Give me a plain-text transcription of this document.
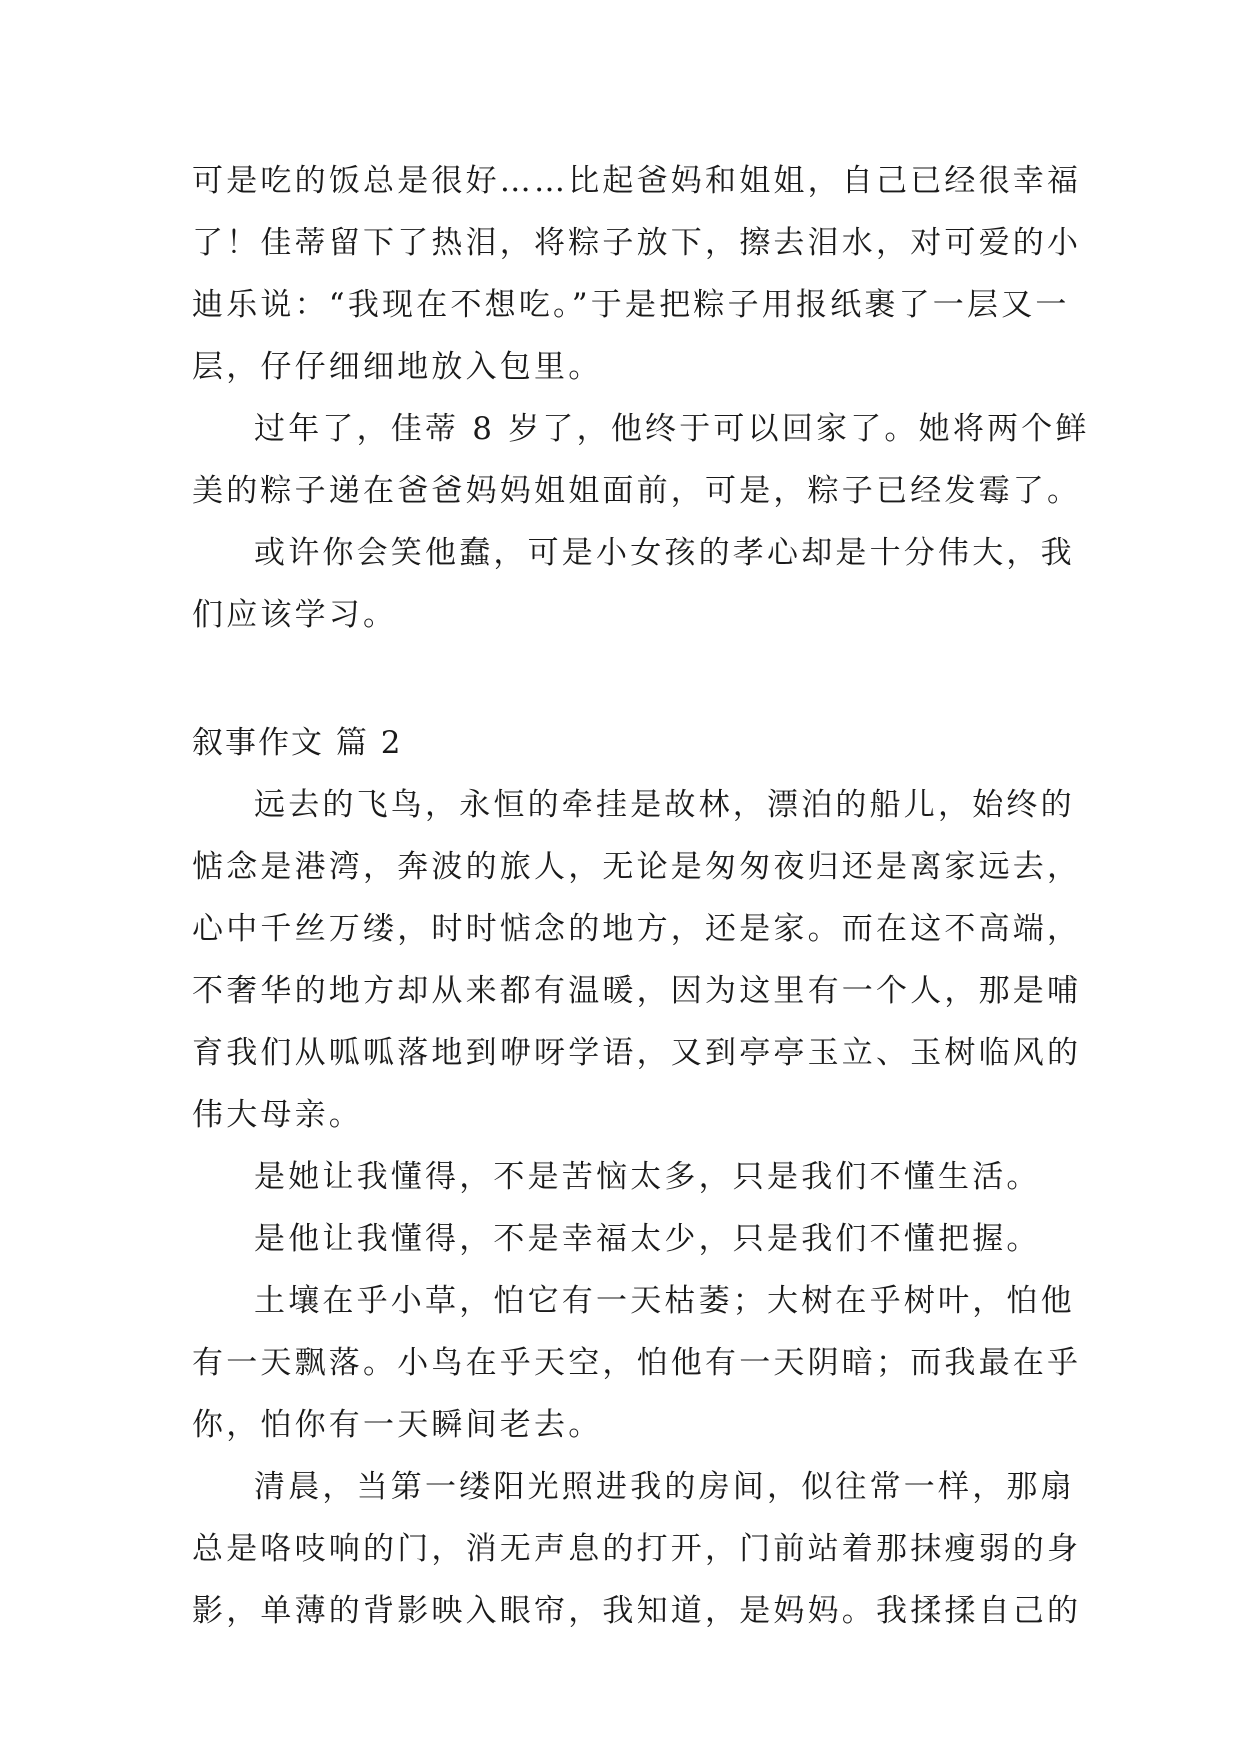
可是吃的饭总是很好……比起爸妈和姐姐，自己已经很幸福
了！佳蒂留下了热泪，将粽子放下，擦去泪水，对可爱的小
迪乐说：“我现在不想吃。”于是把粽子用报纸裹了一层又一
层，仔仔细细地放入包里。
过年了，佳蒂 8 岁了，他终于可以回家了。她将两个鲜
美的粽子递在爸爸妈妈姐姐面前，可是，粽子已经发霉了。
或许你会笑他蠢，可是小女孩的孝心却是十分伟大，我
们应该学习。
叙事作文 篇 2
远去的飞鸟，永恒的牵挂是故林，漂泊的船儿，始终的
惦念是港湾，奔波的旅人，无论是匆匆夜归还是离家远去，
心中千丝万缕，时时惦念的地方，还是家。而在这不高端，
不奢华的地方却从来都有温暖，因为这里有一个人，那是哺
育我们从呱呱落地到咿呀学语，又到亭亭玉立、玉树临风的
伟大母亲。
是她让我懂得，不是苦恼太多，只是我们不懂生活。
是他让我懂得，不是幸福太少，只是我们不懂把握。
土壤在乎小草，怕它有一天枯萎；大树在乎树叶，怕他
有一天飘落。小鸟在乎天空，怕他有一天阴暗；而我最在乎
你，怕你有一天瞬间老去。
清晨，当第一缕阳光照进我的房间，似往常一样，那扇
总是咯吱响的门，消无声息的打开，门前站着那抹瘦弱的身
影，单薄的背影映入眼帘，我知道，是妈妈。我揉揉自己的
